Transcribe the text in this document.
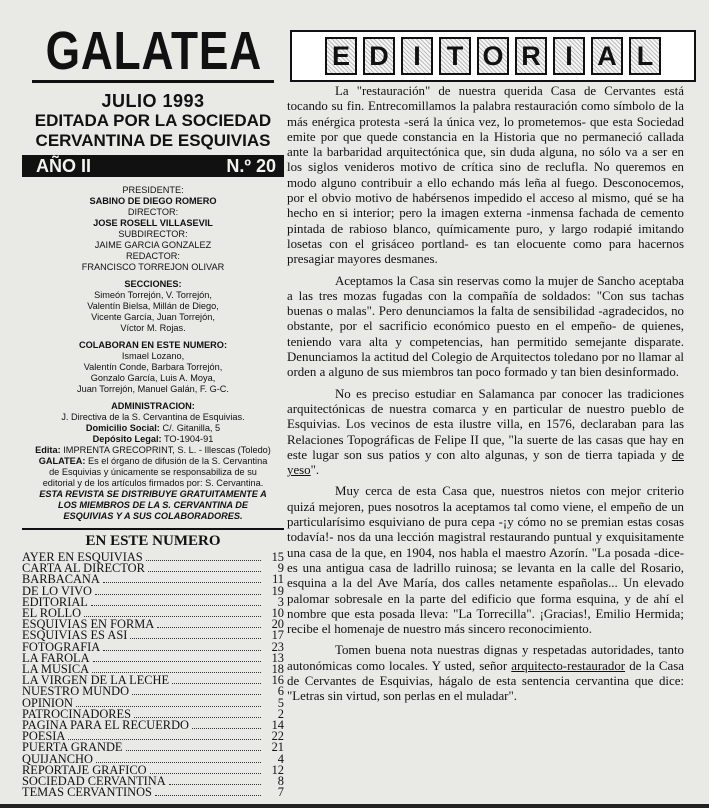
GALATEA
JULIO 1993
EDITADA POR LA SOCIEDAD
CERVANTINA DE ESQUIVIAS
AÑO II	N.º 20
PRESIDENTE:
SABINO DE DIEGO ROMERO
DIRECTOR:
JOSE ROSELL VILLASEVIL
SUBDIRECTOR:
JAIME GARCIA GONZALEZ
REDACTOR:
FRANCISCO TORREJON OLIVAR
SECCIONES:
Simeón Torrejón, V. Torrejón,
Valentín Bielsa, Millán de Diego,
Vicente García, Juan Torrejón,
Víctor M. Rojas.
COLABORAN EN ESTE NUMERO:
Ismael Lozano,
Valentín Conde, Barbara Torrejón,
Gonzalo García, Luis A. Moya,
Juan Torrejón, Manuel Galán, F. G-C.
ADMINISTRACION:
J. Directiva de la S. Cervantina de Esquivias.
Domicilio Social: C/. Gitanilla, 5
Depósito Legal: TO-1904-91
Edita: IMPRENTA GRECOPRINT, S. L. - Illescas (Toledo)
GALATEA: Es el órgano de difusión de la S. Cervantina
de Esquivias y únicamente se responsabiliza de su
editorial y de los artículos firmados por: S. Cervantina.
ESTA REVISTA SE DISTRIBUYE GRATUITAMENTE A
LOS MIEMBROS DE LA S. CERVANTINA DE
ESQUIVIAS Y A SUS COLABORADORES.
EN ESTE NUMERO
AYER EN ESQUIVIAS	15
CARTA AL DIRECTOR	9
BARBACANA	11
DE LO VIVO	19
EDITORIAL	3
EL ROLLO	10
ESQUIVIAS EN FORMA	20
ESQUIVIAS ES ASI	17
FOTOGRAFIA	23
LA FAROLA	13
LA MUSICA	18
LA VIRGEN DE LA LECHE	16
NUESTRO MUNDO	6
OPINION	5
PATROCINADORES	2
PAGINA PARA EL RECUERDO	14
POESIA	22
PUERTA GRANDE	21
QUIJANCHO	4
REPORTAJE GRAFICO	12
SOCIEDAD CERVANTINA	8
TEMAS CERVANTINOS	7
E D I T O R I A L

La "restauración" de nuestra querida Casa de Cervantes está tocando su fin. Entrecomillamos la palabra restauración como símbolo de la más enérgica protesta -será la única vez, lo prometemos- que esta Sociedad emite por que quede constancia en la Historia que no permaneció callada ante la barbaridad arquitectónica que, sin duda alguna, no sólo va a ser en los siglos venideros motivo de crítica sino de reclufla. No queremos en modo alguno contribuir a ello echando más leña al fuego. Desconocemos, por el obvio motivo de habérsenos impedido el acceso al mismo, qué se ha hecho en si interior; pero la imagen externa -inmensa fachada de cemento pintada de rabioso blanco, químicamente puro, y largo rodapié imitando losetas con el grisáceo portland- es tan elocuente como para hacernos presagiar mayores desmanes.

Aceptamos la Casa sin reservas como la mujer de Sancho aceptaba a las tres mozas fugadas con la compañía de soldados: "Con sus tachas buenas o malas". Pero denunciamos la falta de sensibilidad -agradecidos, no obstante, por el sacrificio económico puesto en el empeño- de quienes, teniendo vara alta y competencias, han permitido semejante disparate. Denunciamos la actitud del Colegio de Arquitectos toledano por no llamar al orden a alguno de sus miembros tan poco formado y tan bien desinformado.

No es preciso estudiar en Salamanca par conocer las tradiciones arquitectónicas de nuestra comarca y en particular de nuestro pueblo de Esquivias. Los vecinos de esta ilustre villa, en 1576, declaraban para las Relaciones Topográficas de Felipe II que, "la suerte de las casas que hay en este lugar son sus patios y con alto algunas, y son de tierra tapiada y de yeso".

Muy cerca de esta Casa que, nuestros nietos con mejor criterio quizá mejoren, pues nosotros la aceptamos tal como viene, el empeño de un particularísimo esquiviano de pura cepa -¡y cómo no se premian estas cosas todavía!- nos da una lección magistral restaurando puntual y exquisitamente una casa de la que, en 1904, nos habla el maestro Azorín. "La posada -dice- es una antigua casa de ladrillo ruinosa; se levanta en la calle del Rosario, esquina a la del Ave María, dos calles netamente españolas... Un elevado palomar sobresale en la parte del edificio que forma esquina, y de ahí el nombre que esta posada lleva: "La Torrecilla". ¡Gracias!, Emilio Hermida; recibe el homenaje de nuestro más sincero reconocimiento.

Tomen buena nota nuestras dignas y respetadas autoridades, tanto autonómicas como locales. Y usted, señor arquitecto-restaurador de la Casa de Cervantes de Esquivias, hágalo de esta sentencia cervantina que dice: "Letras sin virtud, son perlas en el muladar".
